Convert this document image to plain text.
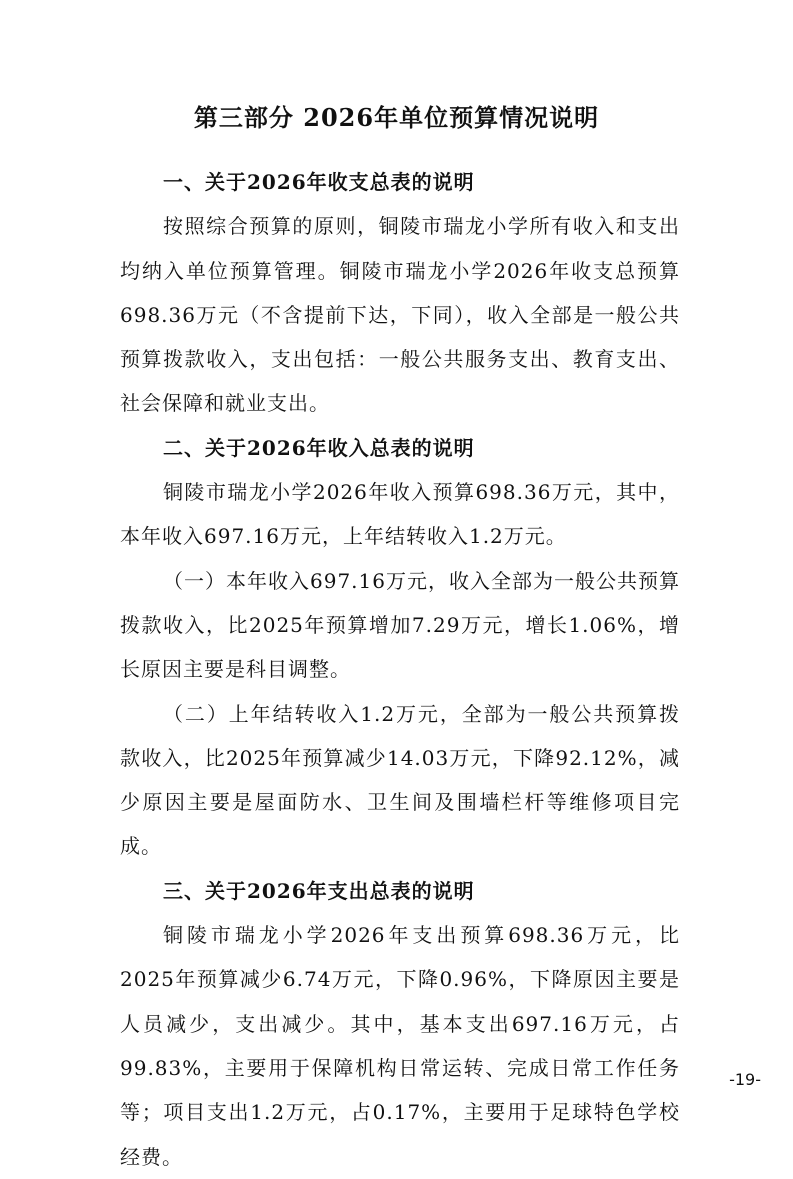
第三部分 2026年单位预算情况说明

一、关于2026年收支总表的说明

按照综合预算的原则，铜陵市瑞龙小学所有收入和支出均纳入单位预算管理。铜陵市瑞龙小学2026年收支总预算698.36万元（不含提前下达，下同），收入全部是一般公共预算拨款收入，支出包括：一般公共服务支出、教育支出、社会保障和就业支出。

二、关于2026年收入总表的说明

铜陵市瑞龙小学2026年收入预算698.36万元，其中，本年收入697.16万元，上年结转收入1.2万元。

（一）本年收入697.16万元，收入全部为一般公共预算拨款收入，比2025年预算增加7.29万元，增长1.06%，增长原因主要是科目调整。

（二）上年结转收入1.2万元，全部为一般公共预算拨款收入，比2025年预算减少14.03万元，下降92.12%，减少原因主要是屋面防水、卫生间及围墙栏杆等维修项目完成。

三、关于2026年支出总表的说明

铜陵市瑞龙小学2026年支出预算698.36万元，比2025年预算减少6.74万元，下降0.96%，下降原因主要是人员减少，支出减少。其中，基本支出697.16万元，占99.83%，主要用于保障机构日常运转、完成日常工作任务等；项目支出1.2万元，占0.17%，主要用于足球特色学校经费。

-19-
